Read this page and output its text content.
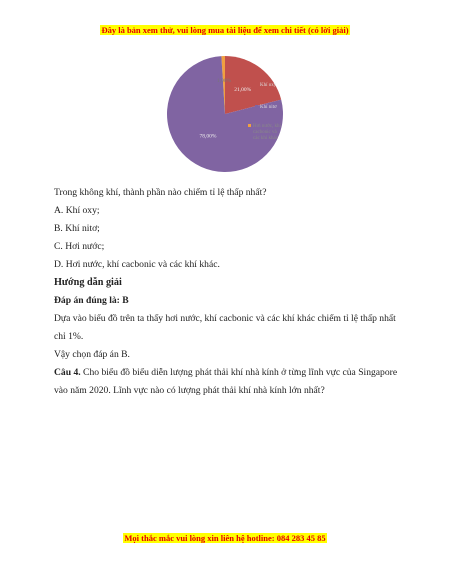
Đây là bản xem thử, vui lòng mua tài liệu để xem chi tiết (có lời giải)
1,00%
21,00%
78,00%
Khí oxy
Khí nitơ
Hơi nước, khí
cacbonic và
các khí khác

Trong không khí, thành phần nào chiếm tỉ lệ thấp nhất?

A. Khí oxy;

B. Khí nitơ;

C. Hơi nước;

D. Hơi nước, khí cacbonic và các khí khác.

Hướng dẫn giải

Đáp án đúng là: B

Dựa vào biểu đồ trên ta thấy hơi nước, khí cacbonic và các khí khác chiếm tỉ lệ thấp nhất chỉ 1%.

Vậy chọn đáp án B.

Câu 4. Cho biểu đồ biểu diễn lượng phát thải khí nhà kính ở từng lĩnh vực của Singapore vào năm 2020. Lĩnh vực nào có lượng phát thải khí nhà kính lớn nhất?

Mọi thắc mắc vui lòng xin liên hệ hotline: 084 283 45 85
